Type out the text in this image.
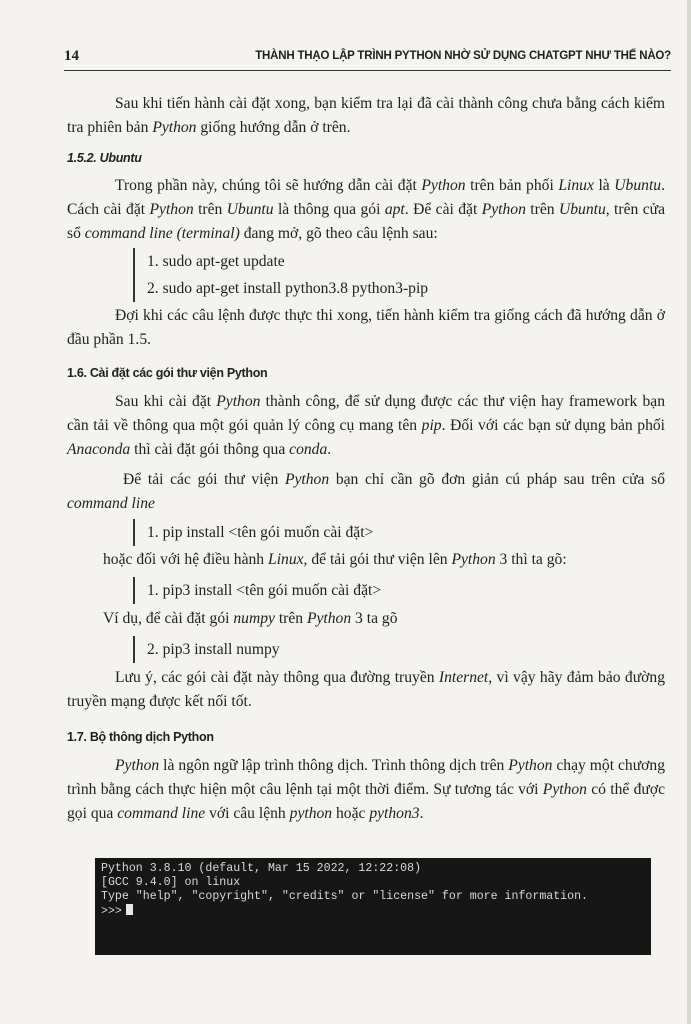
14	THÀNH THẠO LẬP TRÌNH PYTHON NHỜ SỬ DỤNG CHATGPT NHƯ THẾ NÀO?

Sau khi tiến hành cài đặt xong, bạn kiểm tra lại đã cài thành công chưa bằng cách kiểm tra phiên bản Python giống hướng dẫn ở trên.

1.5.2. Ubuntu

Trong phần này, chúng tôi sẽ hướng dẫn cài đặt Python trên bản phối Linux là Ubuntu. Cách cài đặt Python trên Ubuntu là thông qua gói apt. Để cài đặt Python trên Ubuntu, trên cửa sổ command line (terminal) đang mở, gõ theo câu lệnh sau:

1. sudo apt-get update
2. sudo apt-get install python3.8 python3-pip

Đợi khi các câu lệnh được thực thi xong, tiến hành kiểm tra giống cách đã hướng dẫn ở đầu phần 1.5.

1.6. Cài đặt các gói thư viện Python

Sau khi cài đặt Python thành công, để sử dụng được các thư viện hay framework bạn cần tải về thông qua một gói quản lý công cụ mang tên pip. Đối với các bạn sử dụng bản phối Anaconda thì cài đặt gói thông qua conda.

Để tải các gói thư viện Python bạn chỉ cần gõ đơn giản cú pháp sau trên cửa sổ command line

1. pip install <tên gói muốn cài đặt>

hoặc đối với hệ điều hành Linux, để tải gói thư viện lên Python 3 thì ta gõ:

1. pip3 install <tên gói muốn cài đặt>

Ví dụ, để cài đặt gói numpy trên Python 3 ta gõ

2. pip3 install numpy

Lưu ý, các gói cài đặt này thông qua đường truyền Internet, vì vậy hãy đảm bảo đường truyền mạng được kết nối tốt.

1.7. Bộ thông dịch Python

Python là ngôn ngữ lập trình thông dịch. Trình thông dịch trên Python chạy một chương trình bằng cách thực hiện một câu lệnh tại một thời điểm. Sự tương tác với Python có thể được gọi qua command line với câu lệnh python hoặc python3.

Python 3.8.10 (default, Mar 15 2022, 12:22:08)
[GCC 9.4.0] on linux
Type "help", "copyright", "credits" or "license" for more information.
>>>
